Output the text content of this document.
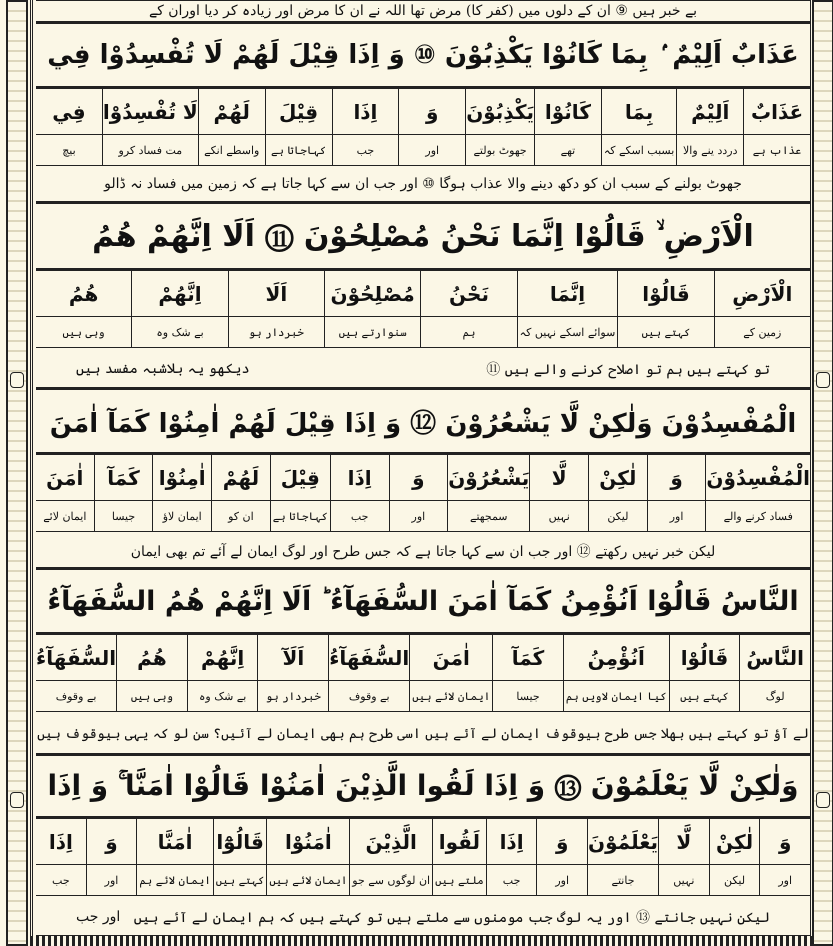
بے خبر ہیں ⑨ ان کے دلوں میں (کفر کا) مرض تھا اللہ نے ان کا مرض اور زیادہ کر دیا اوران کے
عَذَابٌ اَلِيْمٌ ۢ بِمَا كَانُوْا يَكْذِبُوْنَ ⑩ وَ اِذَا قِيْلَ لَهُمْ لَا تُفْسِدُوْا فِي
عَذَابٌ
عذاب ہے
اَلِيْمٌ
دردد ینے والا
بِمَا
بسبب اسکے کہ
كَانُوْا
تھے
يَكْذِبُوْنَ
جھوٹ بولتے
وَ
اور
اِذَا
جب
قِيْلَ
کہاجاتا ہے
لَهُمْ
واسطے انکے
لَا تُفْسِدُوْا
مت فساد کرو
فِي
بیچ
جھوٹ بولنے کے سبب ان کو دکھ دینے والا عذاب ہوگا ⑩ اور جب ان سے کہا جاتا ہے کہ زمین میں فساد نہ ڈالو
الْاَرْضِ ۙ قَالُوْا اِنَّمَا نَحْنُ مُصْلِحُوْنَ ⑪ اَلَا اِنَّهُمْ هُمُ
الْاَرْضِ
زمین کے
قَالُوْا
کہتے ہیں
اِنَّمَا
سوائے اسکے نہیں کہ
نَحْنُ
ہم
مُصْلِحُوْنَ
سنوارتے ہیں
اَلَا
خبردار ہو
اِنَّهُمْ
بے شک وہ
هُمُ
وہی ہیں
تو کہتے ہیں ہم تو اصلاح کرنے والے ہیں ⑪
دیکھو یہ بلاشبہ مفسد ہیں
الْمُفْسِدُوْنَ وَلٰكِنْ لَّا يَشْعُرُوْنَ ⑫ وَ اِذَا قِيْلَ لَهُمْ اٰمِنُوْا كَمَآ اٰمَنَ
الْمُفْسِدُوْنَ
فساد کرنے والے
وَ
اور
لٰكِنْ
لیکن
لَّا
نہیں
يَشْعُرُوْنَ
سمجھتے
وَ
اور
اِذَا
جب
قِيْلَ
کہاجاتا ہے
لَهُمْ
ان کو
اٰمِنُوْا
ایمان لاؤ
كَمَآ
جیسا
اٰمَنَ
ایمان لائے
لیکن خبر نہیں رکھتے ⑫ اور جب ان سے کہا جاتا ہے کہ جس طرح اور لوگ ایمان لے آئے تم بھی ایمان
النَّاسُ قَالُوْا اَنُؤْمِنُ كَمَآ اٰمَنَ السُّفَهَآءُ ؕ اَلَا اِنَّهُمْ هُمُ السُّفَهَآءُ
النَّاسُ
لوگ
قَالُوْا
کہتے ہیں
اَنُؤْمِنُ
کیا ایمان لاویں ہم
كَمَآ
جیسا
اٰمَنَ
ایمان لائے ہیں
السُّفَهَآءُ
بے وقوف
اَلَآ
خبردار ہو
اِنَّهُمْ
بے شک وہ
هُمُ
وہی ہیں
السُّفَهَآءُ
بے وقوف
لے آؤ تو کہتے ہیں بھلا جس طرح بیوقوف ایمان لے آئے ہیں اسی طرح ہم بھی ایمان لے آئیں؟ سن لو کہ یہی بیوقوف ہیں
وَلٰكِنْ لَّا يَعْلَمُوْنَ ⑬ وَ اِذَا لَقُوا الَّذِيْنَ اٰمَنُوْا قَالُوْا اٰمَنَّا ۚ وَ اِذَا
وَ
اور
لٰكِنْ
لیکن
لَّا
نہیں
يَعْلَمُوْنَ
جانتے
وَ
اور
اِذَا
جب
لَقُوا
ملتے ہیں
الَّذِيْنَ
ان لوگوں سے جو
اٰمَنُوْا
ایمان لائے ہیں
قَالُوْٓا
کہتے ہیں
اٰمَنَّا
ایمان لائے ہم
وَ
اور
اِذَا
جب
لیکن نہیں جانتے ⑬ اور یہ لوگ جب مومنوں سے ملتے ہیں تو کہتے ہیں کہ ہم ایمان لے آئے ہیں
اور جب
